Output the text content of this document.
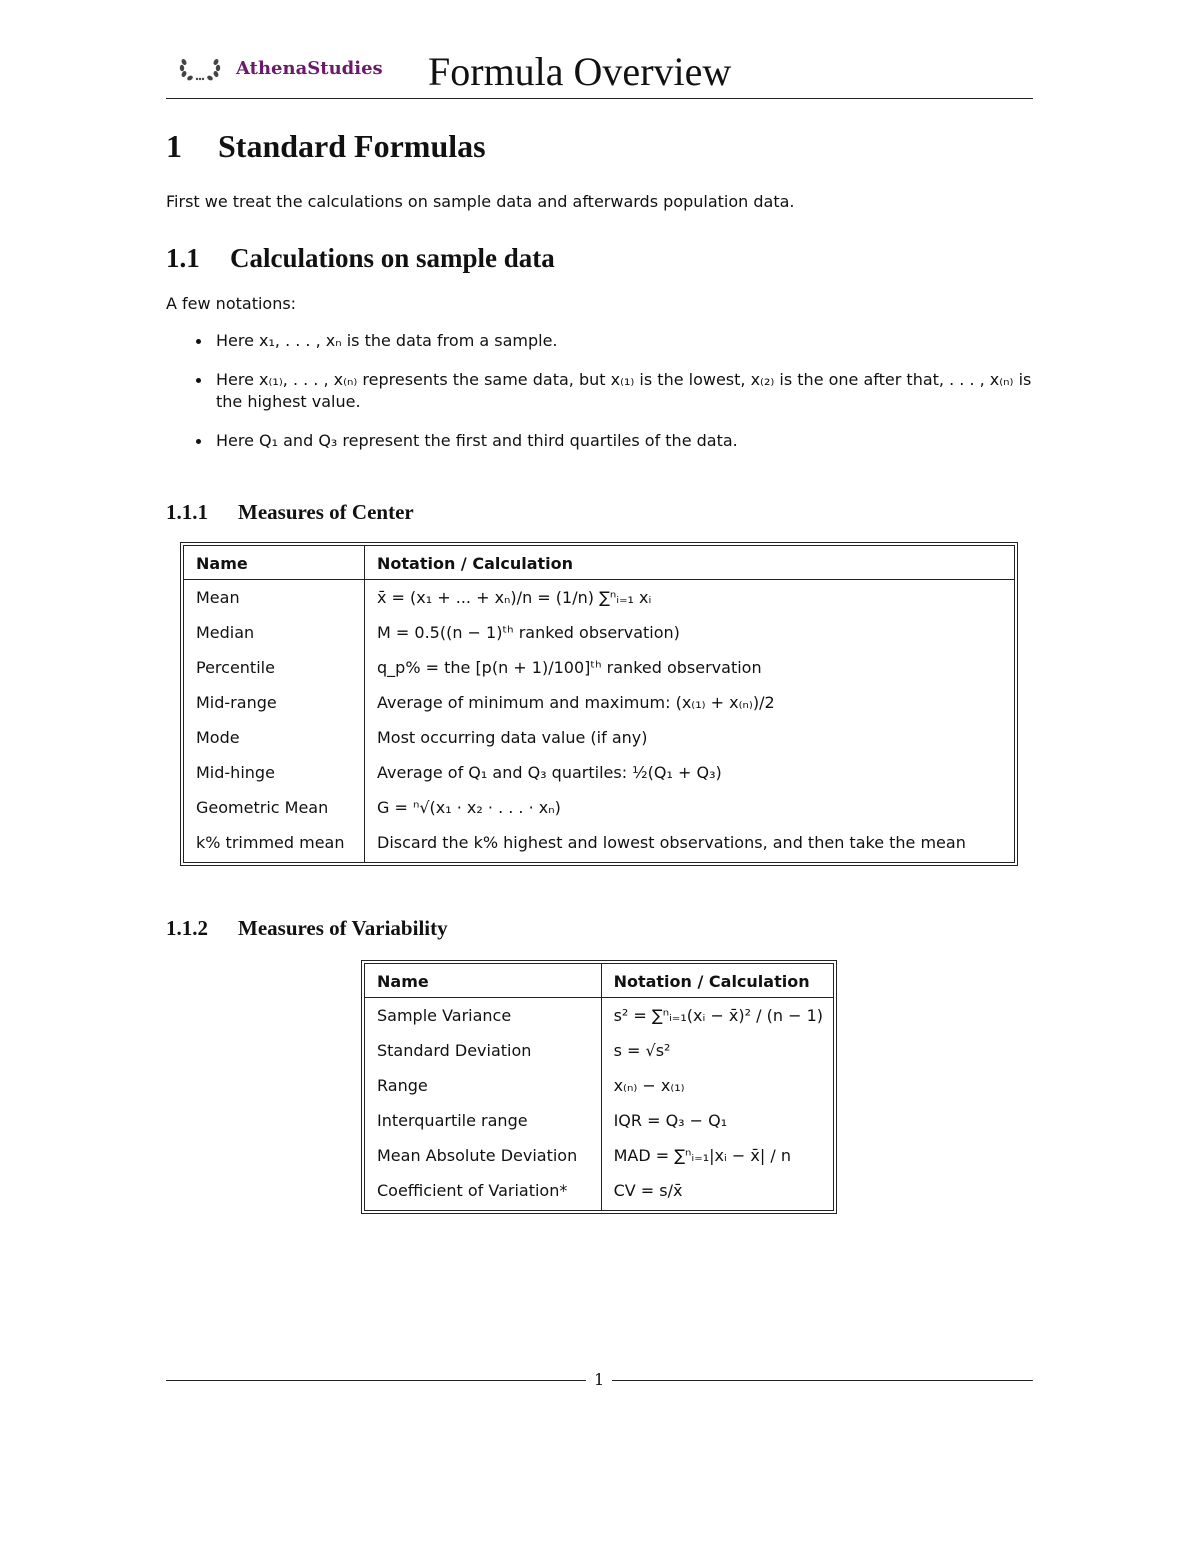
AthenaStudies Formula Overview
1 Standard Formulas
First we treat the calculations on sample data and afterwards population data.
1.1 Calculations on sample data
A few notations:
Here x₁, . . . , xₙ is the data from a sample.
Here x₍₁₎, . . . , x₍ₙ₎ represents the same data, but x₍₁₎ is the lowest, x₍₂₎ is the one after that, . . . , x₍ₙ₎ is the highest value.
Here Q₁ and Q₃ represent the first and third quartiles of the data.
1.1.1 Measures of Center
Name	Notation / Calculation
Mean	x̄ = (x₁ + ... + xₙ)/n = (1/n) ∑ⁿᵢ₌₁ xᵢ
Median	M = 0.5((n − 1)ᵗʰ ranked observation)
Percentile	q_p% = the [p(n + 1)/100]ᵗʰ ranked observation
Mid-range	Average of minimum and maximum: (x₍₁₎ + x₍ₙ₎)/2
Mode	Most occurring data value (if any)
Mid-hinge	Average of Q₁ and Q₃ quartiles: ½(Q₁ + Q₃)
Geometric Mean	G = ⁿ√(x₁ · x₂ · . . . · xₙ)
k% trimmed mean	Discard the k% highest and lowest observations, and then take the mean
1.1.2 Measures of Variability
Name	Notation / Calculation
Sample Variance	s² = ∑ⁿᵢ₌₁(xᵢ − x̄)² / (n − 1)
Standard Deviation	s = √s²
Range	x₍ₙ₎ − x₍₁₎
Interquartile range	IQR = Q₃ − Q₁
Mean Absolute Deviation	MAD = ∑ⁿᵢ₌₁|xᵢ − x̄| / n
Coefficient of Variation*	CV = s/x̄
1
